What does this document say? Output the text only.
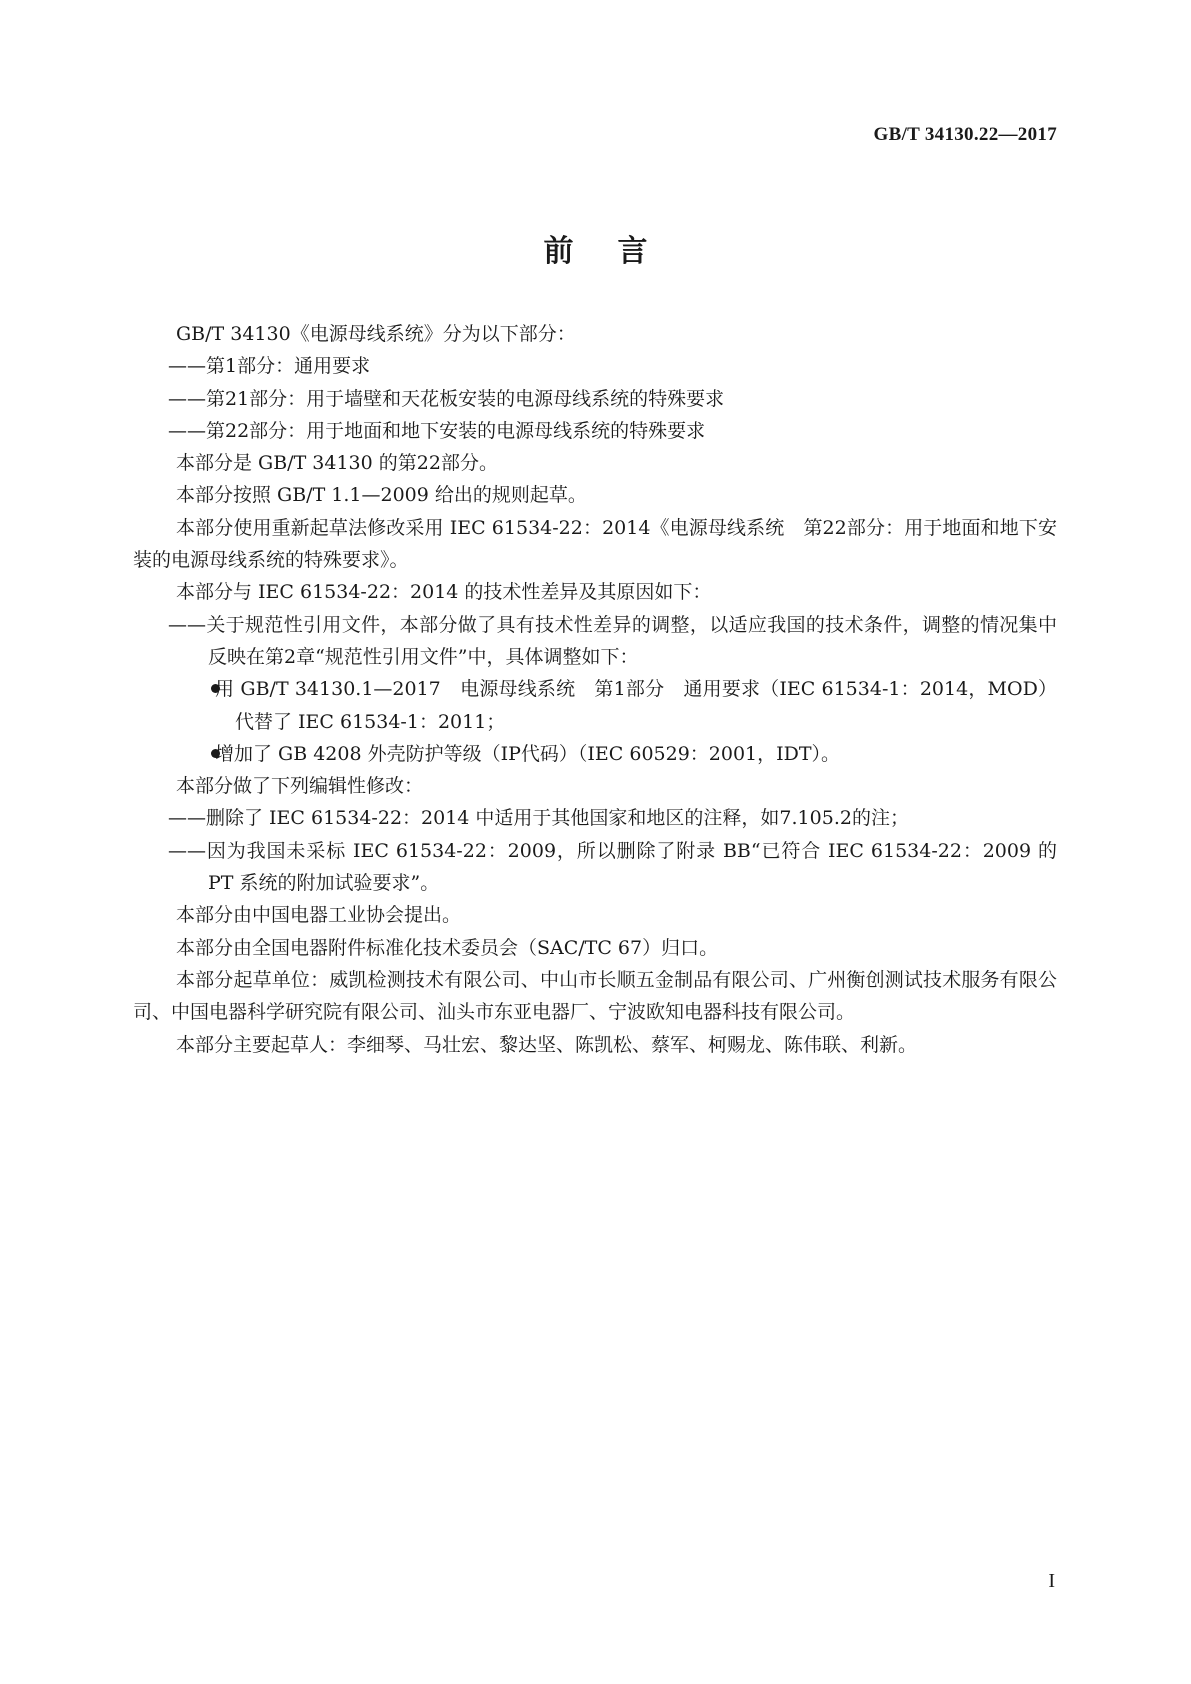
GB/T 34130.22—2017
前言

GB/T 34130《电源母线系统》分为以下部分：

——第1部分：通用要求

——第21部分：用于墙壁和天花板安装的电源母线系统的特殊要求

——第22部分：用于地面和地下安装的电源母线系统的特殊要求

本部分是 GB/T 34130 的第22部分。

本部分按照 GB/T 1.1—2009 给出的规则起草。

本部分使用重新起草法修改采用 IEC 61534-22：2014《电源母线系统　第22部分：用于地面和地下安装的电源母线系统的特殊要求》。

本部分与 IEC 61534-22：2014 的技术性差异及其原因如下：

——关于规范性引用文件，本部分做了具有技术性差异的调整，以适应我国的技术条件，调整的情况集中反映在第2章“规范性引用文件”中，具体调整如下：

用 GB/T 34130.1—2017　电源母线系统　第1部分　通用要求（IEC 61534-1：2014，MOD）代替了 IEC 61534-1：2011；

增加了 GB 4208 外壳防护等级（IP代码）（IEC 60529：2001，IDT）。

本部分做了下列编辑性修改：

——删除了 IEC 61534-22：2014 中适用于其他国家和地区的注释，如7.105.2的注；

——因为我国未采标 IEC 61534-22：2009，所以删除了附录 BB“已符合 IEC 61534-22：2009 的 PT 系统的附加试验要求”。

本部分由中国电器工业协会提出。

本部分由全国电器附件标准化技术委员会（SAC/TC 67）归口。

本部分起草单位：威凯检测技术有限公司、中山市长顺五金制品有限公司、广州衡创测试技术服务有限公司、中国电器科学研究院有限公司、汕头市东亚电器厂、宁波欧知电器科技有限公司。

本部分主要起草人：李细琴、马壮宏、黎达坚、陈凯松、蔡军、柯赐龙、陈伟联、利新。

I
